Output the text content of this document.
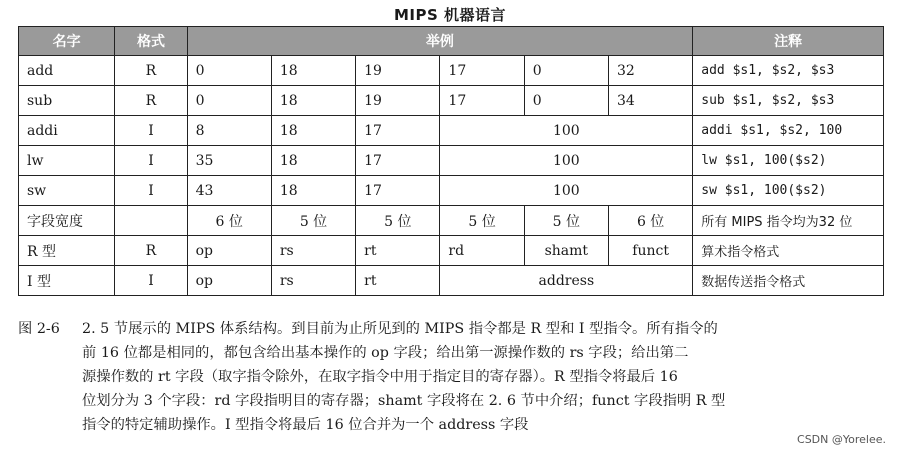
MIPS 机器语言
名字	格式	举例						注释
add	R	0	18	19	17	0	32	add $s1, $s2, $s3
sub	R	0	18	19	17	0	34	sub $s1, $s2, $s3
addi	I	8	18	17	100			addi $s1, $s2, 100
lw	I	35	18	17	100			lw $s1, 100($s2)
sw	I	43	18	17	100			sw $s1, 100($s2)
字段宽度		6 位	5 位	5 位	5 位	5 位	6 位	所有 MIPS 指令均为32 位
R 型	R	op	rs	rt	rd	shamt	funct	算术指令格式
I 型	I	op	rs	rt	address			数据传送指令格式
图 2-6 2. 5 节展示的 MIPS 体系结构。到目前为止所见到的 MIPS 指令都是 R 型和 I 型指令。所有指令的
前 16 位都是相同的，都包含给出基本操作的 op 字段；给出第一源操作数的 rs 字段；给出第二
源操作数的 rt 字段（取字指令除外，在取字指令中用于指定目的寄存器）。R 型指令将最后 16
位划分为 3 个字段：rd 字段指明目的寄存器；shamt 字段将在 2. 6 节中介绍；funct 字段指明 R 型
指令的特定辅助操作。I 型指令将最后 16 位合并为一个 address 字段
CSDN @Yorelee.
